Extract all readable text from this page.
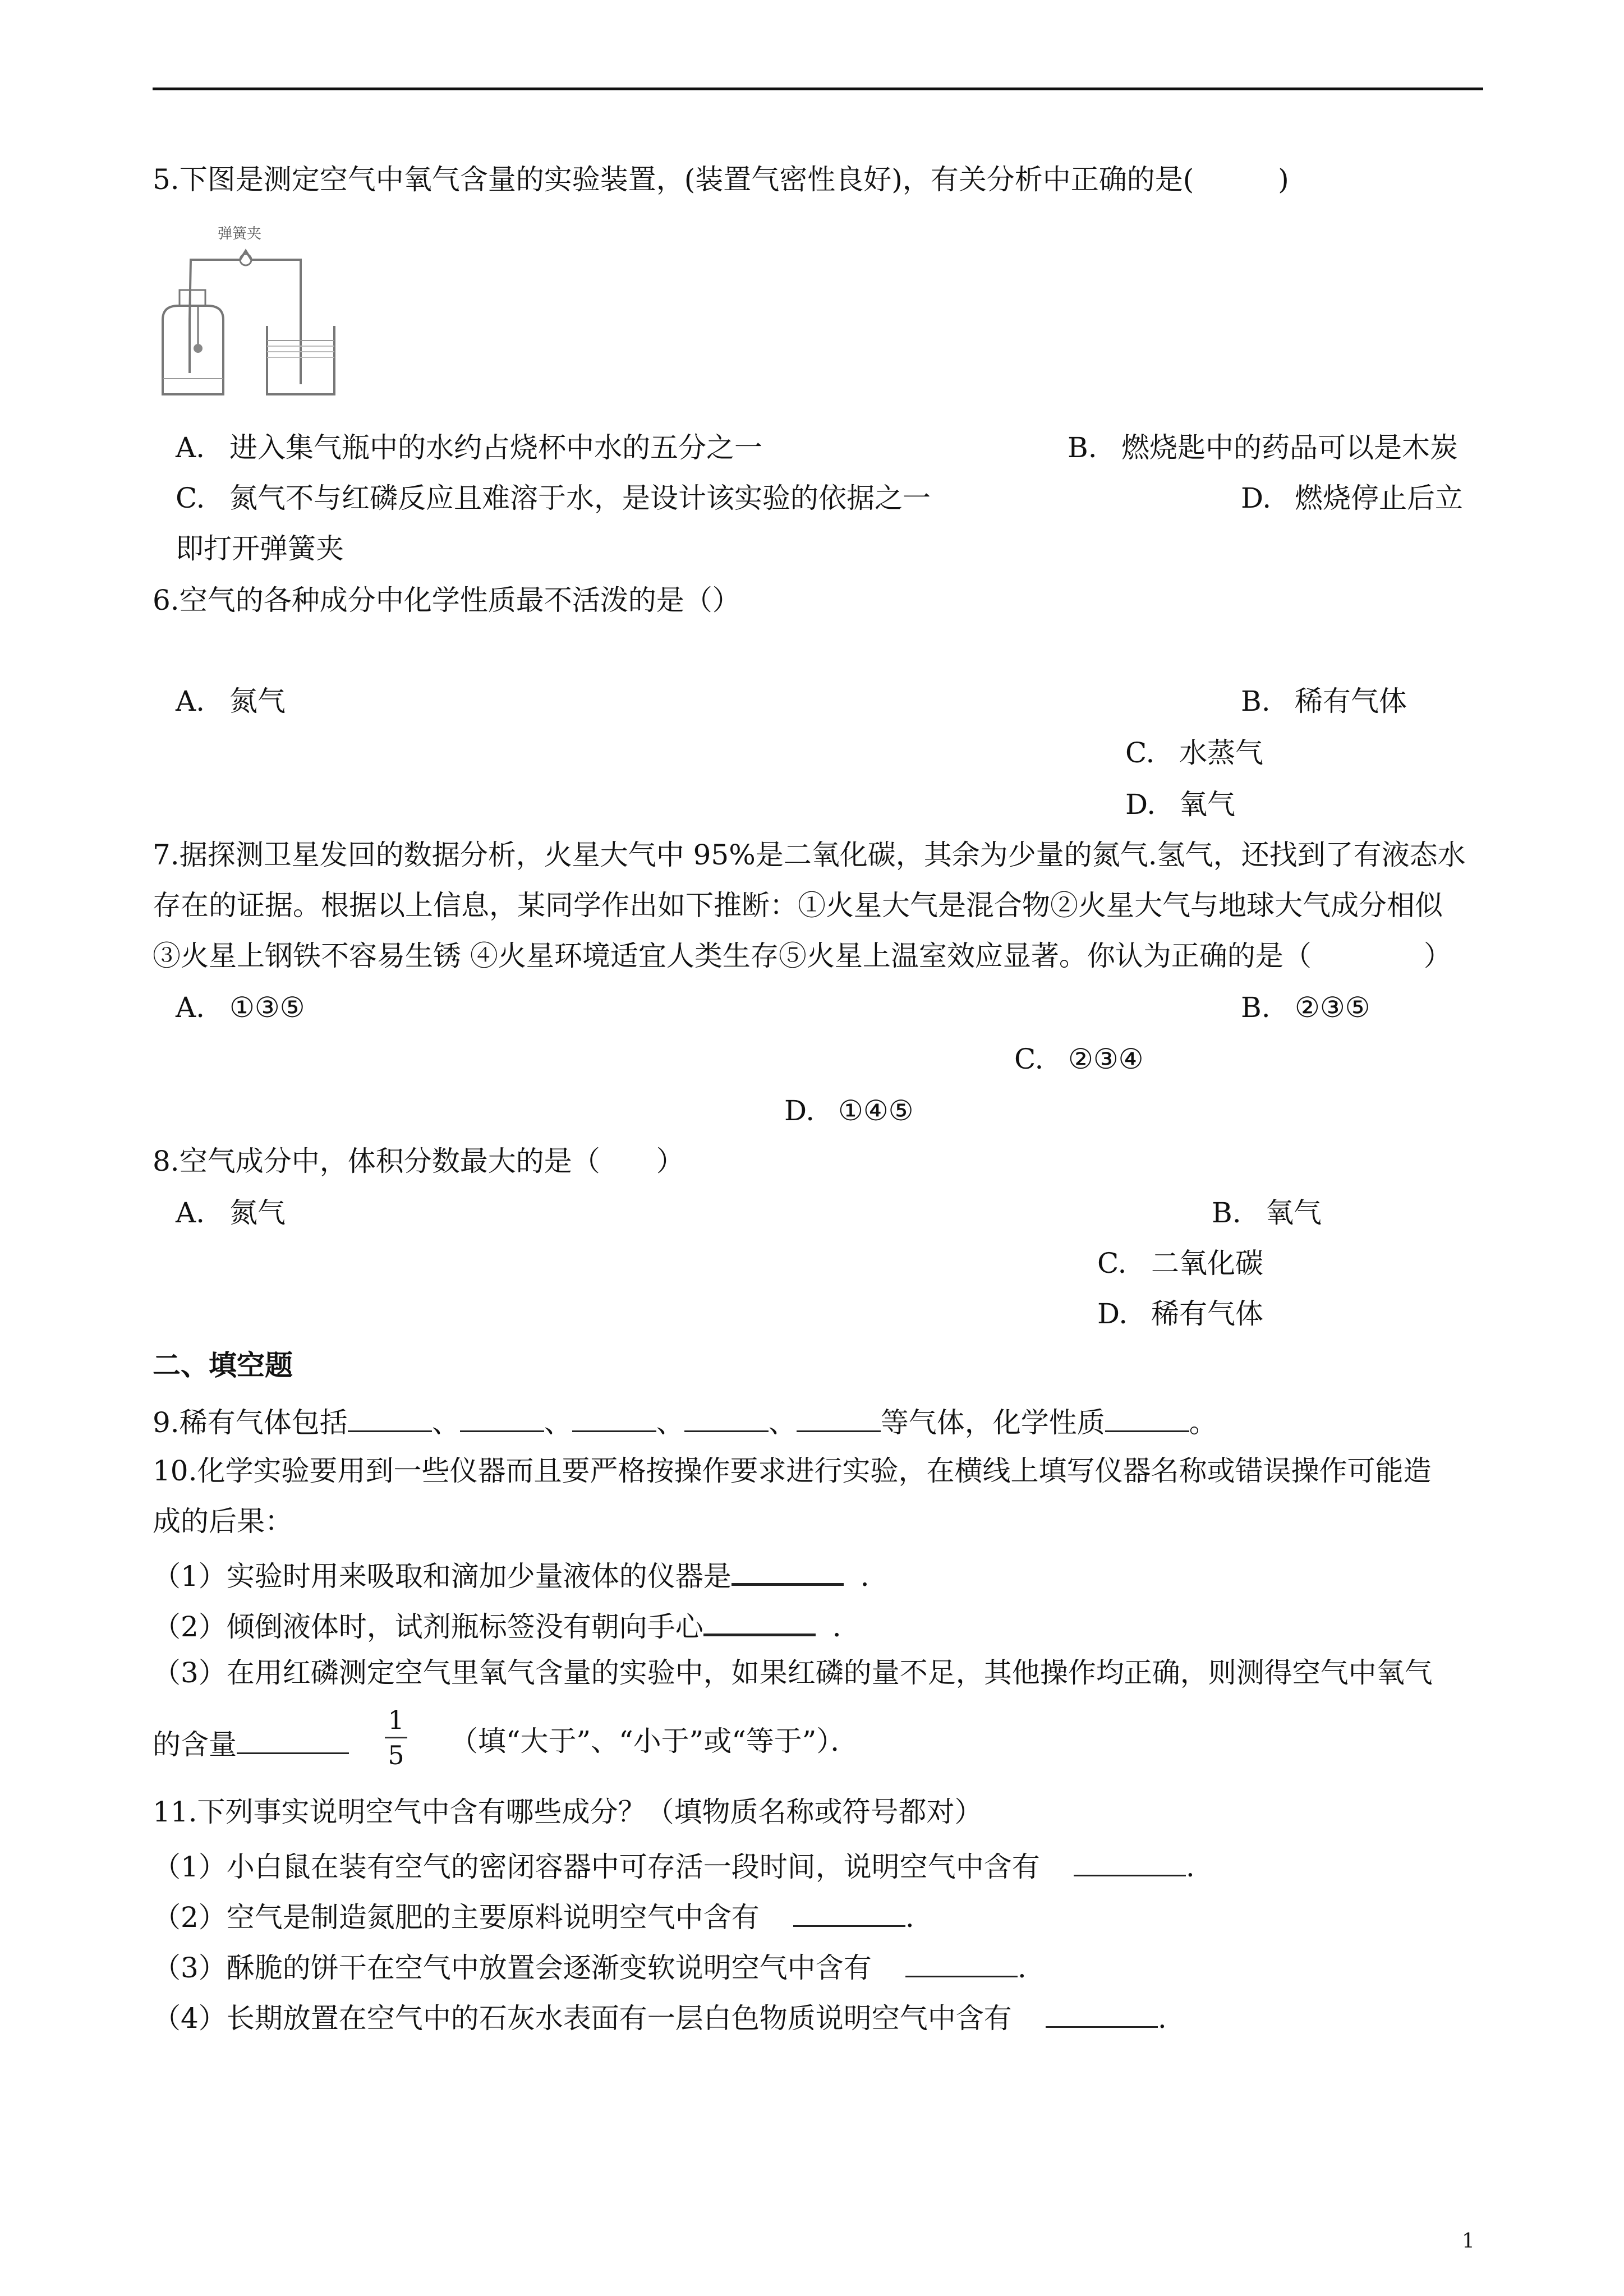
5.下图是测定空气中氧气含量的实验装置，(装置气密性良好)，有关分析中正确的是(　　　)
弹簧夹
A. 进入集气瓶中的水约占烧杯中水的五分之一	B. 燃烧匙中的药品可以是木炭
C. 氮气不与红磷反应且难溶于水，是设计该实验的依据之一	D. 燃烧停止后立
即打开弹簧夹
6.空气的各种成分中化学性质最不活泼的是（）
A. 氮气	B. 稀有气体
C. 水蒸气
D. 氧气
7.据探测卫星发回的数据分析，火星大气中 95%是二氧化碳，其余为少量的氮气.氢气，还找到了有液态水
存在的证据。根据以上信息，某同学作出如下推断：①火星大气是混合物②火星大气与地球大气成分相似
③火星上钢铁不容易生锈 ④火星环境适宜人类生存⑤火星上温室效应显著。你认为正确的是（　　　　）
A. ①③⑤	B. ②③⑤
C. ②③④
D. ①④⑤
8.空气成分中，体积分数最大的是（　　）
A. 氮气	B. 氧气
C. 二氧化碳
D. 稀有气体
二、填空题
9.稀有气体包括	、	、	、	、	等气体，化学性质	。
10.化学实验要用到一些仪器而且要严格按操作要求进行实验，在横线上填写仪器名称或错误操作可能造
成的后果：
（1）实验时用来吸取和滴加少量液体的仪器是	．
（2）倾倒液体时，试剂瓶标签没有朝向手心	．
（3）在用红磷测定空气里氧气含量的实验中，如果红磷的量不足，其他操作均正确，则测得空气中氧气
的含量
1
5 （填“大于”、“小于”或“等于”）．
11.下列事实说明空气中含有哪些成分？（填物质名称或符号都对）
（1）小白鼠在装有空气的密闭容器中可存活一段时间，说明空气中含有	.
（2）空气是制造氮肥的主要原料说明空气中含有	.
（3）酥脆的饼干在空气中放置会逐渐变软说明空气中含有	.
（4）长期放置在空气中的石灰水表面有一层白色物质说明空气中含有	.
1
